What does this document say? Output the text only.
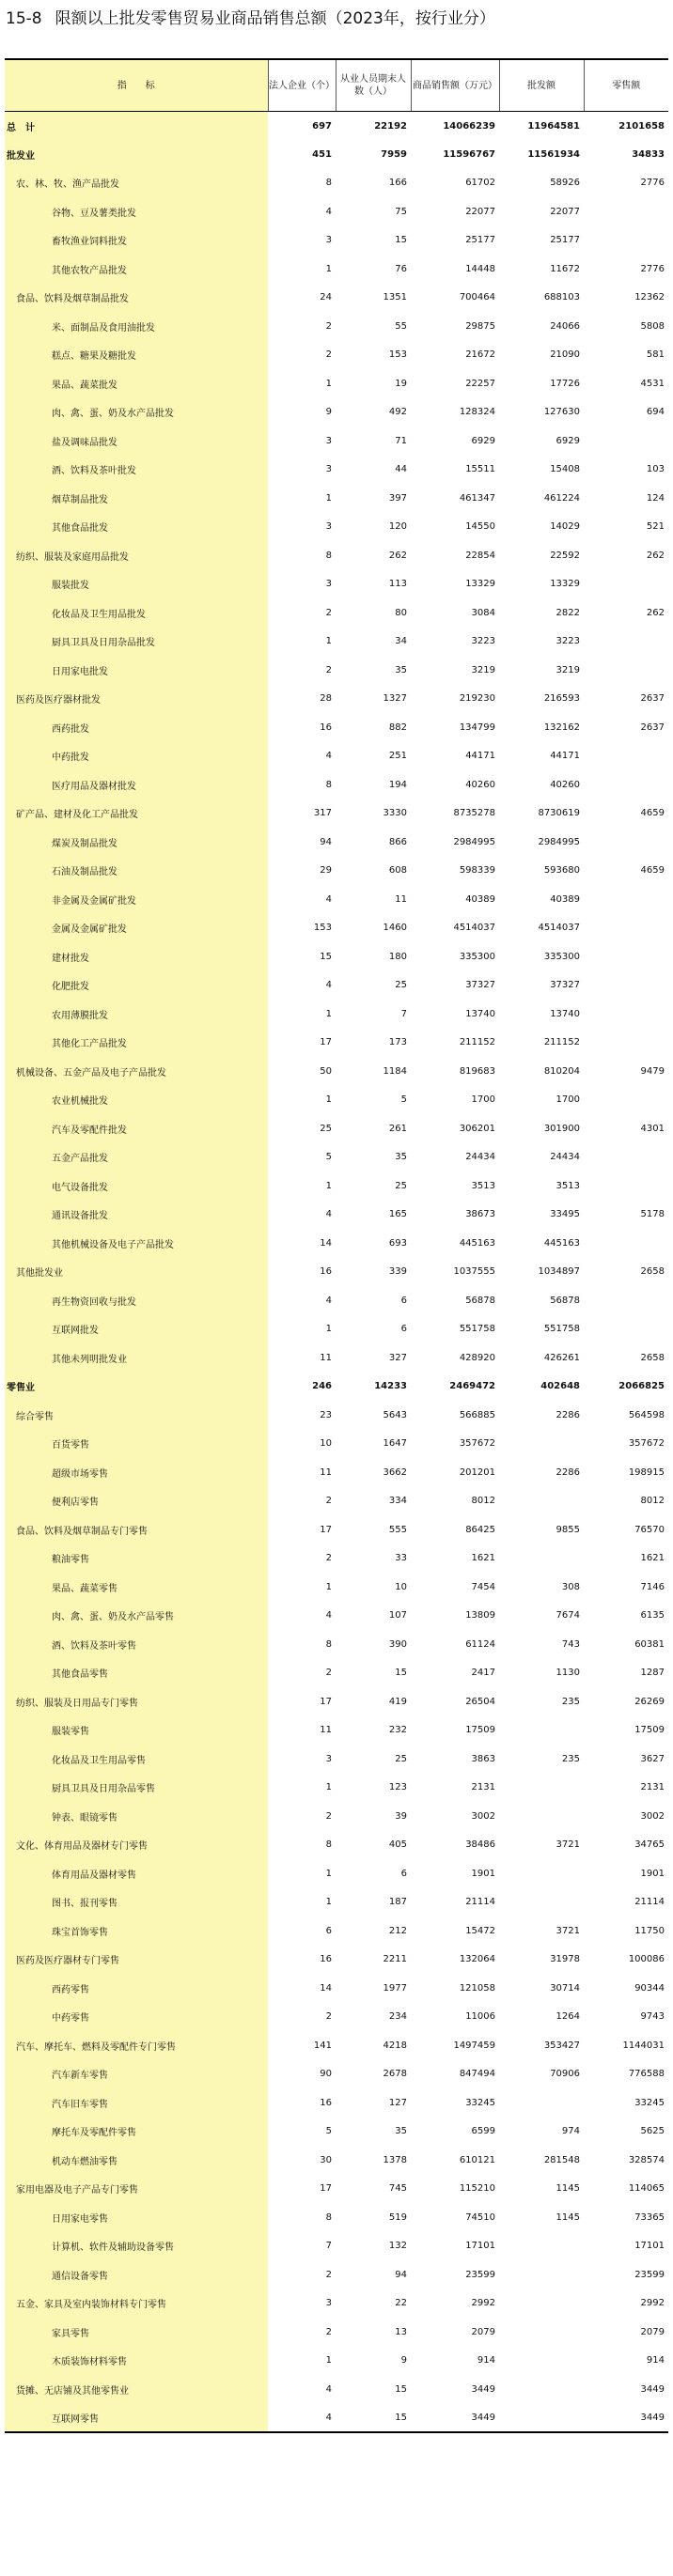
15-8 限额以上批发零售贸易业商品销售总额（2023年，按行业分）
指　　标	法人企业（个）	从业人员期末人数（人）	商品销售额（万元）	批发额	零售额
总　计	697	22192	14066239	11964581	2101658
批发业	451	7959	11596767	11561934	34833
农、林、牧、渔产品批发	8	166	61702	58926	2776
谷物、豆及薯类批发	4	75	22077	22077	
畜牧渔业饲料批发	3	15	25177	25177	
其他农牧产品批发	1	76	14448	11672	2776
食品、饮料及烟草制品批发	24	1351	700464	688103	12362
米、面制品及食用油批发	2	55	29875	24066	5808
糕点、糖果及糖批发	2	153	21672	21090	581
果品、蔬菜批发	1	19	22257	17726	4531
肉、禽、蛋、奶及水产品批发	9	492	128324	127630	694
盐及调味品批发	3	71	6929	6929	
酒、饮料及茶叶批发	3	44	15511	15408	103
烟草制品批发	1	397	461347	461224	124
其他食品批发	3	120	14550	14029	521
纺织、服装及家庭用品批发	8	262	22854	22592	262
服装批发	3	113	13329	13329	
化妆品及卫生用品批发	2	80	3084	2822	262
厨具卫具及日用杂品批发	1	34	3223	3223	
日用家电批发	2	35	3219	3219	
医药及医疗器材批发	28	1327	219230	216593	2637
西药批发	16	882	134799	132162	2637
中药批发	4	251	44171	44171	
医疗用品及器材批发	8	194	40260	40260	
矿产品、建材及化工产品批发	317	3330	8735278	8730619	4659
煤炭及制品批发	94	866	2984995	2984995	
石油及制品批发	29	608	598339	593680	4659
非金属及金属矿批发	4	11	40389	40389	
金属及金属矿批发	153	1460	4514037	4514037	
建材批发	15	180	335300	335300	
化肥批发	4	25	37327	37327	
农用薄膜批发	1	7	13740	13740	
其他化工产品批发	17	173	211152	211152	
机械设备、五金产品及电子产品批发	50	1184	819683	810204	9479
农业机械批发	1	5	1700	1700	
汽车及零配件批发	25	261	306201	301900	4301
五金产品批发	5	35	24434	24434	
电气设备批发	1	25	3513	3513	
通讯设备批发	4	165	38673	33495	5178
其他机械设备及电子产品批发	14	693	445163	445163	
其他批发业	16	339	1037555	1034897	2658
再生物资回收与批发	4	6	56878	56878	
互联网批发	1	6	551758	551758	
其他未列明批发业	11	327	428920	426261	2658
零售业	246	14233	2469472	402648	2066825
综合零售	23	5643	566885	2286	564598
百货零售	10	1647	357672		357672
超级市场零售	11	3662	201201	2286	198915
便利店零售	2	334	8012		8012
食品、饮料及烟草制品专门零售	17	555	86425	9855	76570
粮油零售	2	33	1621		1621
果品、蔬菜零售	1	10	7454	308	7146
肉、禽、蛋、奶及水产品零售	4	107	13809	7674	6135
酒、饮料及茶叶零售	8	390	61124	743	60381
其他食品零售	2	15	2417	1130	1287
纺织、服装及日用品专门零售	17	419	26504	235	26269
服装零售	11	232	17509		17509
化妆品及卫生用品零售	3	25	3863	235	3627
厨具卫具及日用杂品零售	1	123	2131		2131
钟表、眼镜零售	2	39	3002		3002
文化、体育用品及器材专门零售	8	405	38486	3721	34765
体育用品及器材零售	1	6	1901		1901
图书、报刊零售	1	187	21114		21114
珠宝首饰零售	6	212	15472	3721	11750
医药及医疗器材专门零售	16	2211	132064	31978	100086
西药零售	14	1977	121058	30714	90344
中药零售	2	234	11006	1264	9743
汽车、摩托车、燃料及零配件专门零售	141	4218	1497459	353427	1144031
汽车新车零售	90	2678	847494	70906	776588
汽车旧车零售	16	127	33245		33245
摩托车及零配件零售	5	35	6599	974	5625
机动车燃油零售	30	1378	610121	281548	328574
家用电器及电子产品专门零售	17	745	115210	1145	114065
日用家电零售	8	519	74510	1145	73365
计算机、软件及辅助设备零售	7	132	17101		17101
通信设备零售	2	94	23599		23599
五金、家具及室内装饰材料专门零售	3	22	2992		2992
家具零售	2	13	2079		2079
木质装饰材料零售	1	9	914		914
货摊、无店铺及其他零售业	4	15	3449		3449
互联网零售	4	15	3449		3449
